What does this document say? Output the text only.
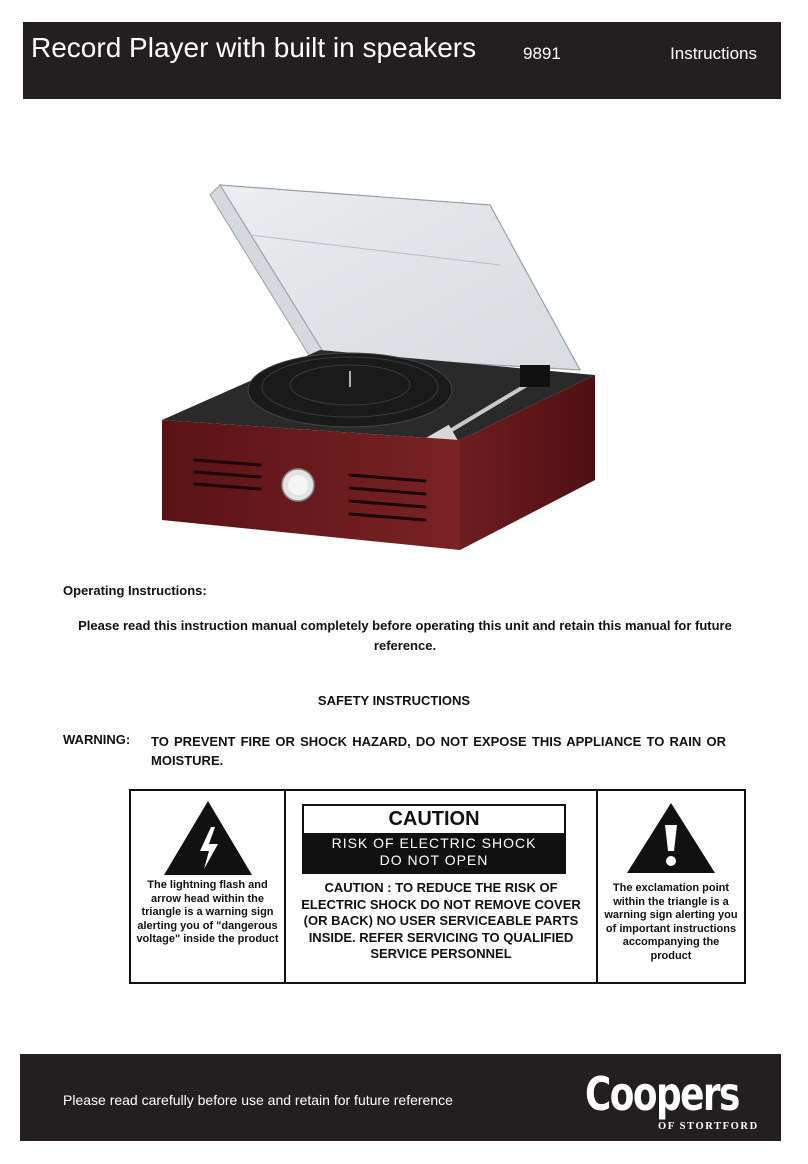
Record Player with built in speakers	9891	Instructions
Operating Instructions:
Please read this instruction manual completely before operating this unit and retain this manual for future reference.
SAFETY INSTRUCTIONS
WARNING: TO PREVENT FIRE OR SHOCK HAZARD, DO NOT EXPOSE THIS APPLIANCE TO RAIN OR MOISTURE.
The lightning flash and arrow head within the triangle is a warning sign alerting you of "dangerous voltage" inside the product
CAUTION
RISK OF ELECTRIC SHOCK
DO NOT OPEN
CAUTION : TO REDUCE THE RISK OF ELECTRIC SHOCK DO NOT REMOVE COVER (OR BACK) NO USER SERVICEABLE PARTS INSIDE. REFER SERVICING TO QUALIFIED SERVICE PERSONNEL
The exclamation point within the triangle is a warning sign alerting you of important instructions accompanying the product
Please read carefully before use and retain for future reference	Coopers
OF STORTFORD
